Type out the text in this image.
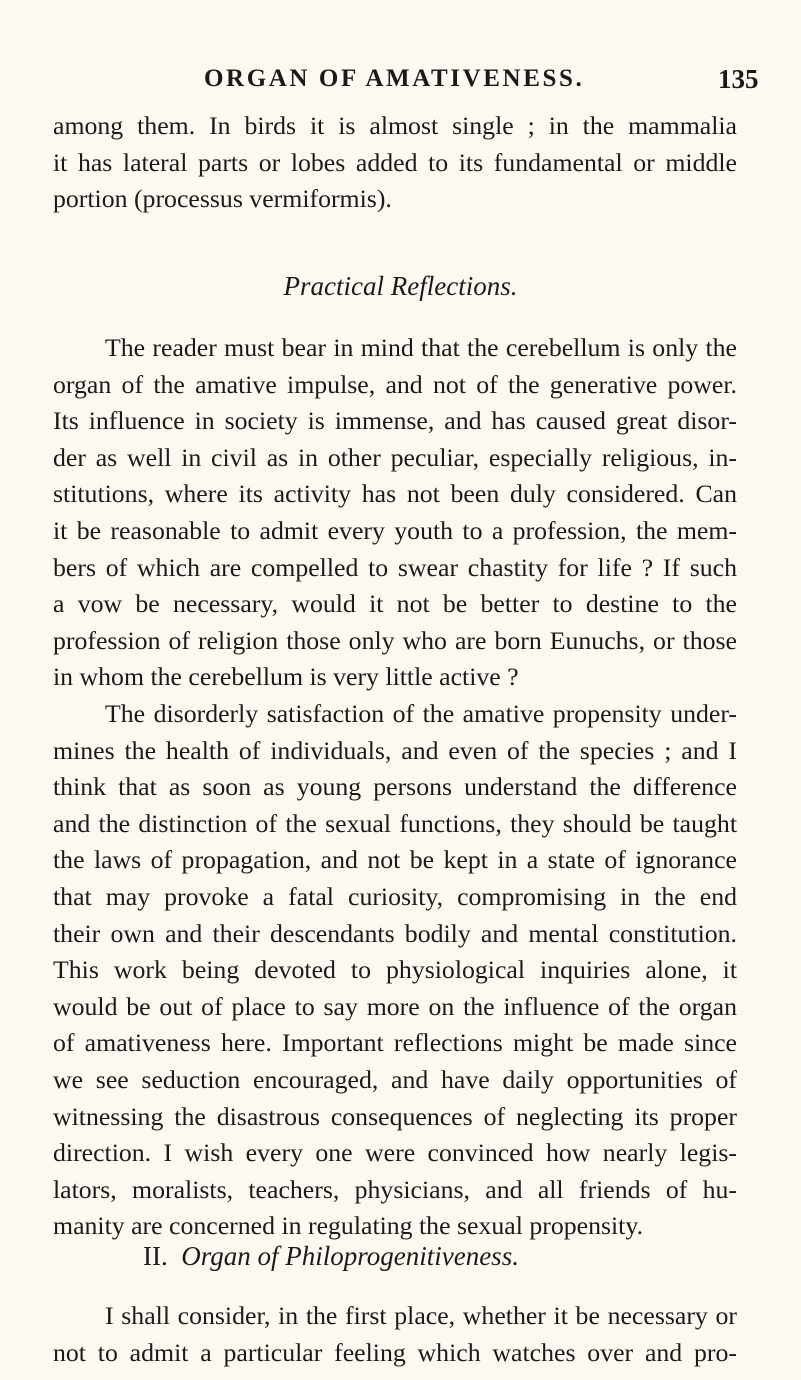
ORGAN OF AMATIVENESS.	135

among them. In birds it is almost single ; in the mammalia
it has lateral parts or lobes added to its fundamental or middle
portion (processus vermiformis).

Practical Reflections.

The reader must bear in mind that the cerebellum is only the
organ of the amative impulse, and not of the generative power.
Its influence in society is immense, and has caused great disor-
der as well in civil as in other peculiar, especially religious, in-
stitutions, where its activity has not been duly considered. Can
it be reasonable to admit every youth to a profession, the mem-
bers of which are compelled to swear chastity for life ? If such
a vow be necessary, would it not be better to destine to the
profession of religion those only who are born Eunuchs, or those
in whom the cerebellum is very little active ?

The disorderly satisfaction of the amative propensity under-
mines the health of individuals, and even of the species ; and I
think that as soon as young persons understand the difference
and the distinction of the sexual functions, they should be taught
the laws of propagation, and not be kept in a state of ignorance
that may provoke a fatal curiosity, compromising in the end
their own and their descendants bodily and mental constitution.
This work being devoted to physiological inquiries alone, it
would be out of place to say more on the influence of the organ
of amativeness here. Important reflections might be made since
we see seduction encouraged, and have daily opportunities of
witnessing the disastrous consequences of neglecting its proper
direction. I wish every one were convinced how nearly legis-
lators, moralists, teachers, physicians, and all friends of hu-
manity are concerned in regulating the sexual propensity.

II. Organ of Philoprogenitiveness.

I shall consider, in the first place, whether it be necessary or
not to admit a particular feeling which watches over and pro-
